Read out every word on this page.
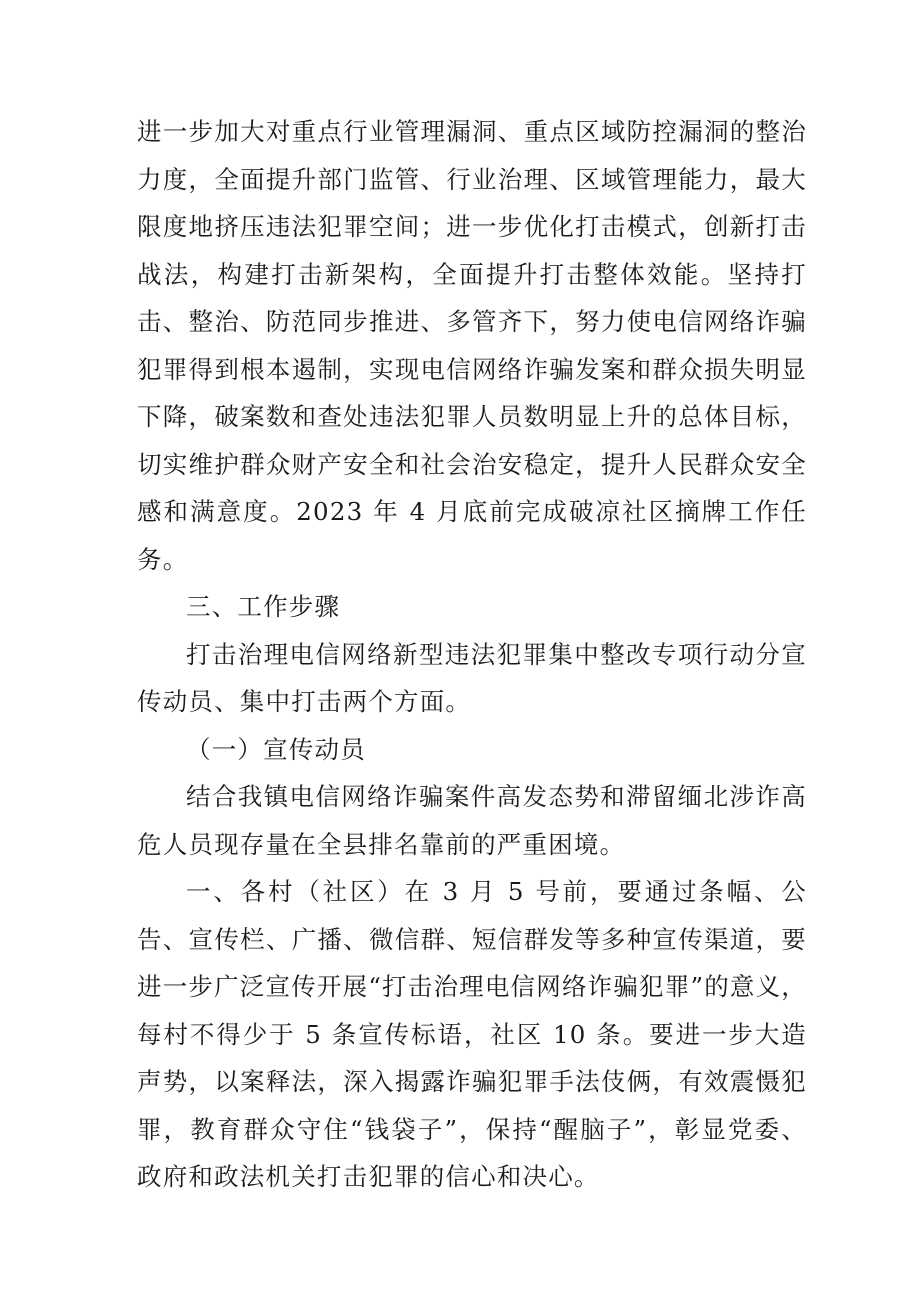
进一步加大对重点行业管理漏洞、重点区域防控漏洞的整治力度，全面提升部门监管、行业治理、区域管理能力，最大限度地挤压违法犯罪空间；进一步优化打击模式，创新打击战法，构建打击新架构，全面提升打击整体效能。坚持打击、整治、防范同步推进、多管齐下，努力使电信网络诈骗犯罪得到根本遏制，实现电信网络诈骗发案和群众损失明显下降，破案数和查处违法犯罪人员数明显上升的总体目标，切实维护群众财产安全和社会治安稳定，提升人民群众安全感和满意度。2023 年 4 月底前完成破凉社区摘牌工作任务。

三、工作步骤

打击治理电信网络新型违法犯罪集中整改专项行动分宣传动员、集中打击两个方面。

（一）宣传动员

结合我镇电信网络诈骗案件高发态势和滞留缅北涉诈高危人员现存量在全县排名靠前的严重困境。

一、各村（社区）在 3 月 5 号前，要通过条幅、公告、宣传栏、广播、微信群、短信群发等多种宣传渠道，要进一步广泛宣传开展“打击治理电信网络诈骗犯罪”的意义，每村不得少于 5 条宣传标语，社区 10 条。要进一步大造声势，以案释法，深入揭露诈骗犯罪手法伎俩，有效震慑犯罪，教育群众守住“钱袋子”，保持“醒脑子”，彰显党委、政府和政法机关打击犯罪的信心和决心。
